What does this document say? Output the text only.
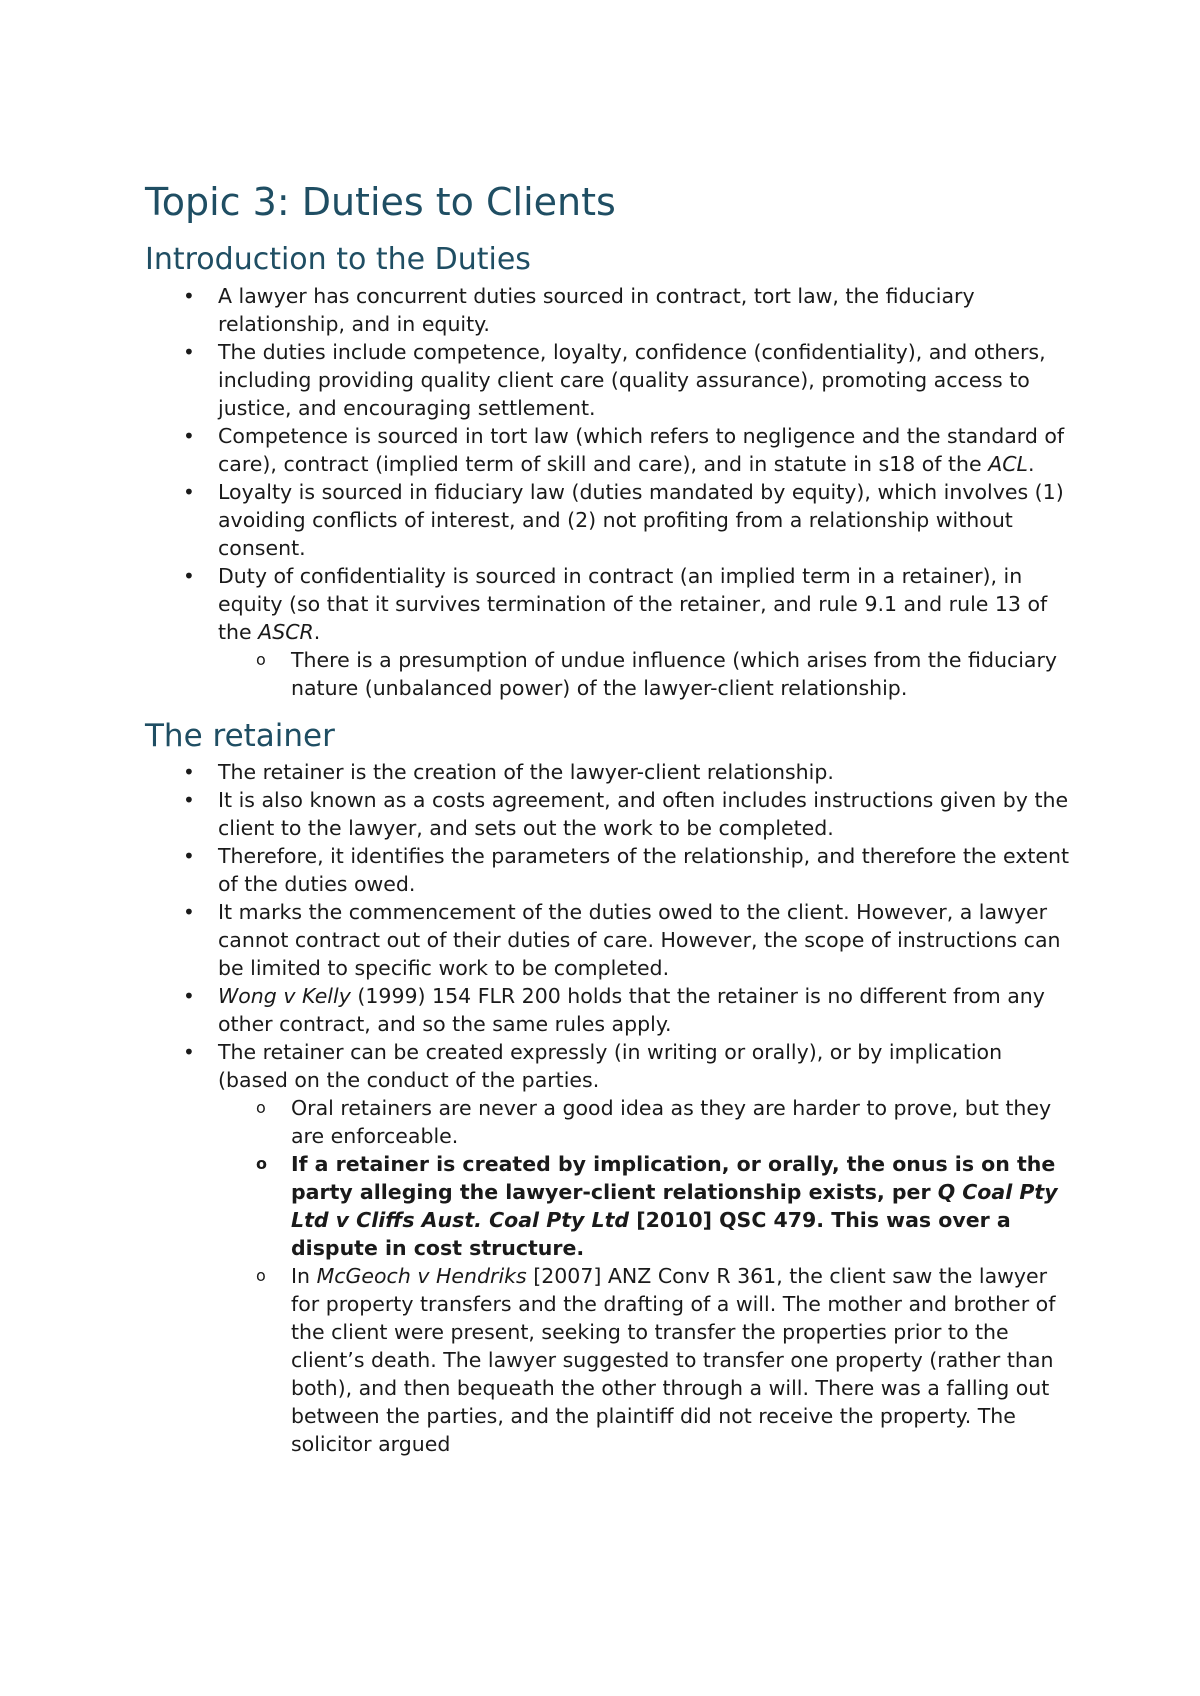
Topic 3: Duties to Clients
Introduction to the Duties
• A lawyer has concurrent duties sourced in contract, tort law, the fiduciary relationship, and in equity.
• The duties include competence, loyalty, confidence (confidentiality), and others, including providing quality client care (quality assurance), promoting access to justice, and encouraging settlement.
• Competence is sourced in tort law (which refers to negligence and the standard of care), contract (implied term of skill and care), and in statute in s18 of the ACL.
• Loyalty is sourced in fiduciary law (duties mandated by equity), which involves (1) avoiding conflicts of interest, and (2) not profiting from a relationship without consent.
• Duty of confidentiality is sourced in contract (an implied term in a retainer), in equity (so that it survives termination of the retainer, and rule 9.1 and rule 13 of the ASCR.
o There is a presumption of undue influence (which arises from the fiduciary nature (unbalanced power) of the lawyer-client relationship.
The retainer
• The retainer is the creation of the lawyer-client relationship.
• It is also known as a costs agreement, and often includes instructions given by the client to the lawyer, and sets out the work to be completed.
• Therefore, it identifies the parameters of the relationship, and therefore the extent of the duties owed.
• It marks the commencement of the duties owed to the client. However, a lawyer cannot contract out of their duties of care. However, the scope of instructions can be limited to specific work to be completed.
• Wong v Kelly (1999) 154 FLR 200 holds that the retainer is no different from any other contract, and so the same rules apply.
• The retainer can be created expressly (in writing or orally), or by implication (based on the conduct of the parties.
o Oral retainers are never a good idea as they are harder to prove, but they are enforceable.
o If a retainer is created by implication, or orally, the onus is on the party alleging the lawyer-client relationship exists, per Q Coal Pty Ltd v Cliffs Aust. Coal Pty Ltd [2010] QSC 479. This was over a dispute in cost structure.
o In McGeoch v Hendriks [2007] ANZ Conv R 361, the client saw the lawyer for property transfers and the drafting of a will. The mother and brother of the client were present, seeking to transfer the properties prior to the client’s death. The lawyer suggested to transfer one property (rather than both), and then bequeath the other through a will. There was a falling out between the parties, and the plaintiff did not receive the property. The solicitor argued
